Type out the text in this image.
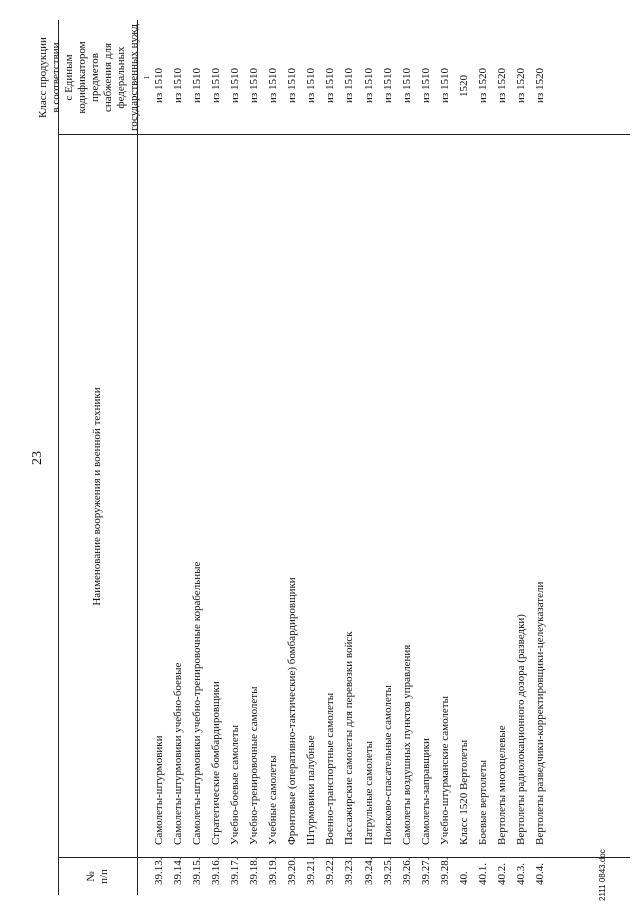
23
№ п/п
Наименование вооружения и военной техники
Класс продукции в соответствии с Единым кодификатором предметов снабжения для федеральных государственных нужд $^1$
39.13.
Самолеты-штурмовики
из 1510
39.14.
Самолеты-штурмовики учебно-боевые
из 1510
39.15.
Самолеты-штурмовики учебно-тренировочные корабельные
из 1510
39.16.
Стратегические бомбардировщики
из 1510
39.17.
Учебно-боевые самолеты
из 1510
39.18.
Учебно-тренировочные самолеты
из 1510
39.19.
Учебные самолеты
из 1510
39.20.
Фронтовые (оперативно-тактические) бомбардировщики
из 1510
39.21.
Штурмовики палубные
из 1510
39.22.
Военно-транспортные самолеты
из 1510
39.23.
Пассажирские самолеты для перевозки войск
из 1510
39.24.
Патрульные самолеты
из 1510
39.25.
Поисково-спасательные самолеты
из 1510
39.26.
Самолеты воздушных пунктов управления
из 1510
39.27.
Самолеты-заправщики
из 1510
39.28.
Учебно-штурманские самолеты
из 1510
40.
Класс 1520 Вертолеты
1520
40.1.
Боевые вертолеты
из 1520
40.2.
Вертолеты многоцелевые
из 1520
40.3.
Вертолеты радиолокационного дозора (разведки)
из 1520
40.4.
Вертолеты разведчики-корректировщики-целеуказатели
из 1520
2111 0843.doc
